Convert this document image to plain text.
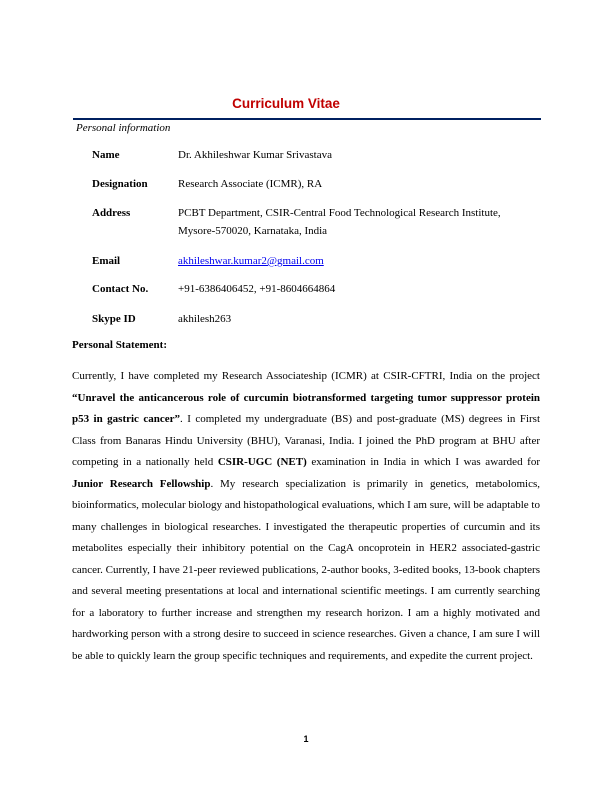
Curriculum Vitae
Personal information
Name	Dr. Akhileshwar Kumar Srivastava
Designation	Research Associate (ICMR), RA
Address	PCBT Department, CSIR-Central Food Technological Research Institute,
Mysore-570020, Karnataka, India
Email	akhileshwar.kumar2@gmail.com
Contact No.	+91-6386406452, +91-8604664864
Skype ID	akhilesh263
Personal Statement:
Currently, I have completed my Research Associateship (ICMR) at CSIR-CFTRI, India on the project “Unravel the anticancerous role of curcumin biotransformed targeting tumor suppressor protein p53 in gastric cancer”. I completed my undergraduate (BS) and post-graduate (MS) degrees in First Class from Banaras Hindu University (BHU), Varanasi, India. I joined the PhD program at BHU after competing in a nationally held CSIR-UGC (NET) examination in India in which I was awarded for Junior Research Fellowship. My research specialization is primarily in genetics, metabolomics, bioinformatics, molecular biology and histopathological evaluations, which I am sure, will be adaptable to many challenges in biological researches. I investigated the therapeutic properties of curcumin and its metabolites especially their inhibitory potential on the CagA oncoprotein in HER2 associated-gastric cancer. Currently, I have 21-peer reviewed publications, 2-author books, 3-edited books, 13-book chapters and several meeting presentations at local and international scientific meetings. I am currently searching for a laboratory to further increase and strengthen my research horizon. I am a highly motivated and hardworking person with a strong desire to succeed in science researches. Given a chance, I am sure I will be able to quickly learn the group specific techniques and requirements, and expedite the current project.
1
